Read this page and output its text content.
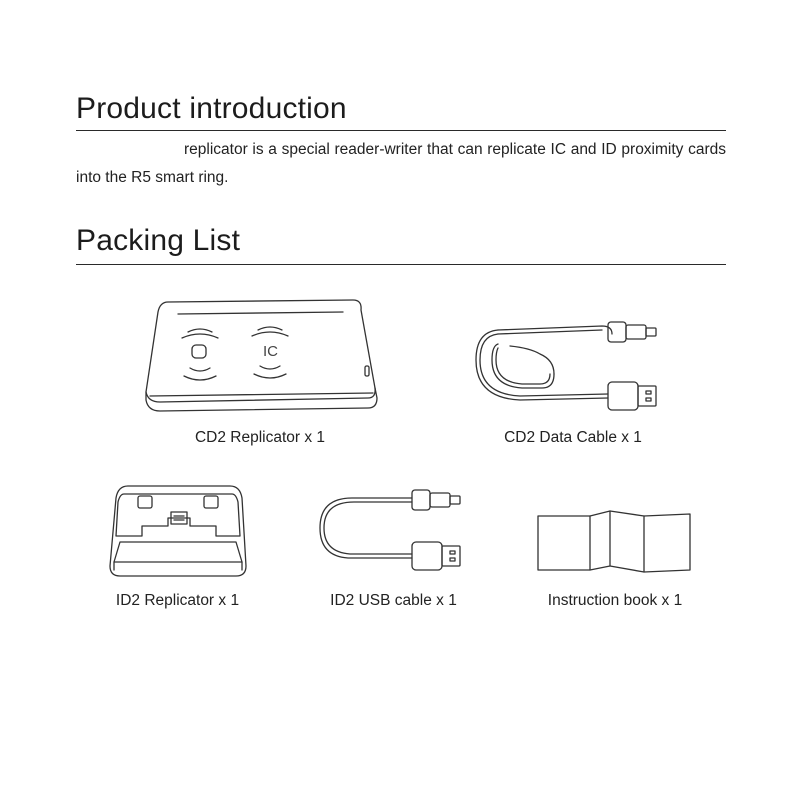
Product introduction

replicator is a special reader-writer that can replicate IC and ID proximity cards into the R5 smart ring.

Packing List
IC
CD2 Replicator x 1	CD2 Data Cable x 1
ID2 Replicator x 1	ID2 USB cable x 1	Instruction book x 1
